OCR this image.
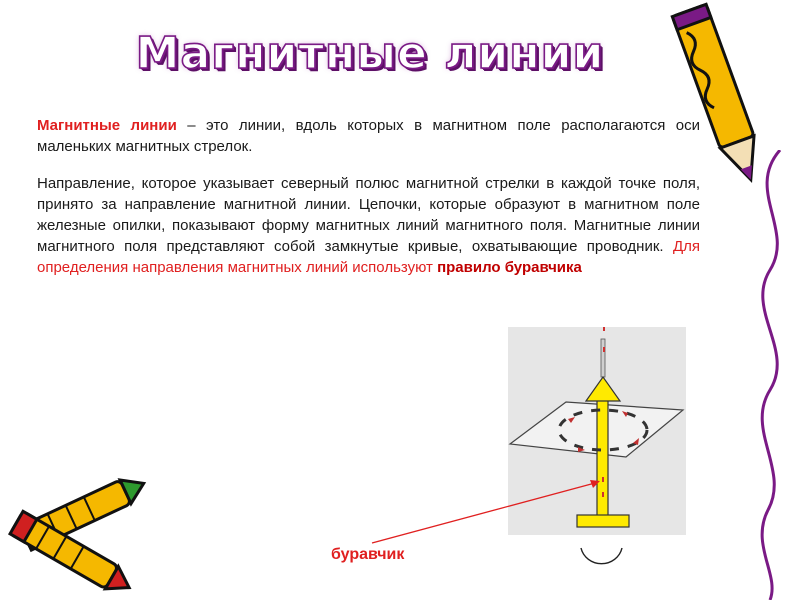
Магнитные линии

Магнитные линии – это линии, вдоль которых в магнитном поле располагаются оси маленьких магнитных стрелок.

Направление, которое указывает северный полюс магнитной стрелки в каждой точке поля, принято за направление магнитной линии. Цепочки, которые образуют в магнитном поле железные опилки, показывают форму магнитных линий магнитного поля. Магнитные линии магнитного поля представляют собой замкнутые кривые, охватывающие проводник. Для определения направления магнитных линий используют правило буравчика

буравчик
